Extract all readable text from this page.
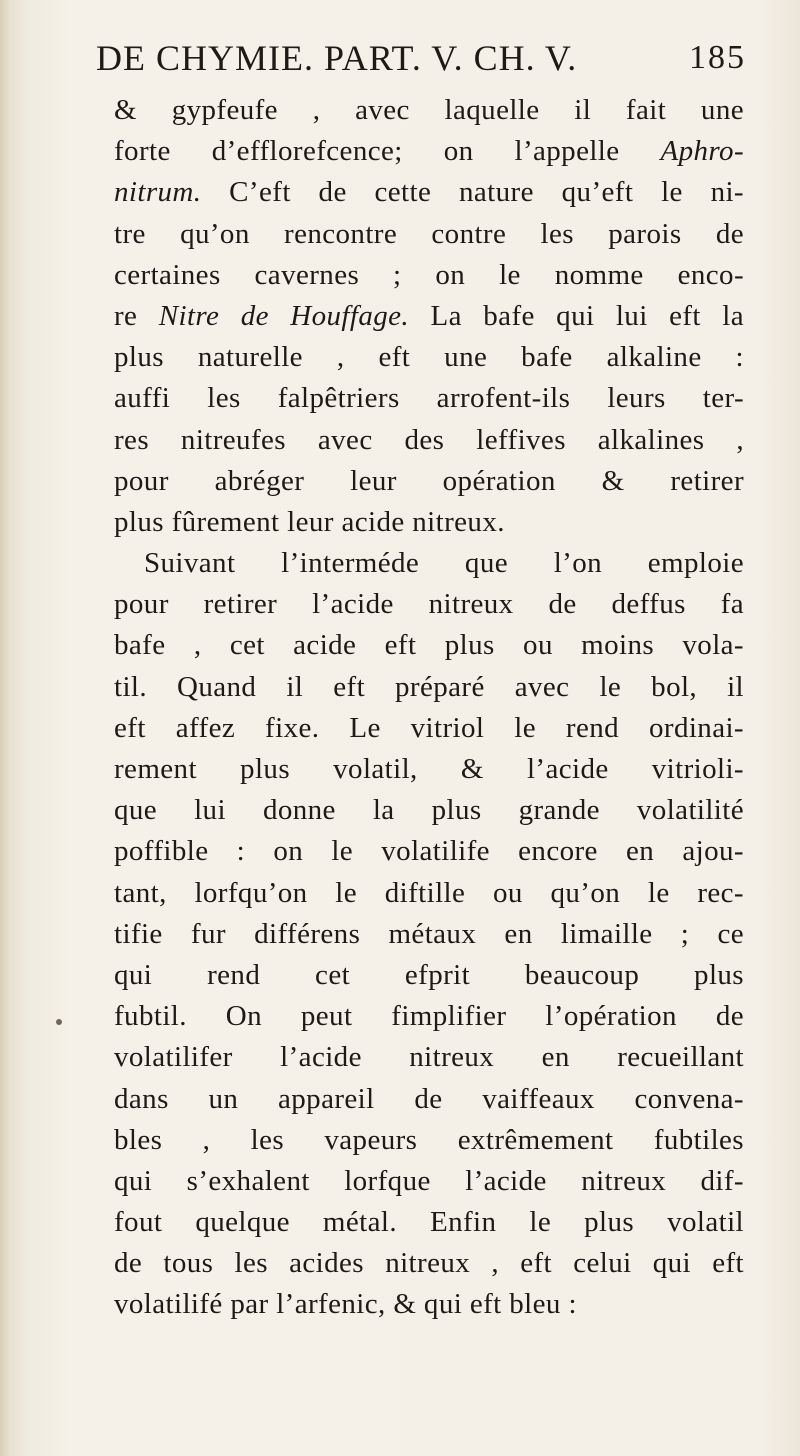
DE CHYMIE. PART. V. CH. V.	185
& gypfeufe , avec laquelle il fait une
forte d’efflorefcence; on l’appelle Aphro-
nitrum. C’eft de cette nature qu’eft le ni-
tre qu’on rencontre contre les parois de
certaines cavernes ; on le nomme enco-
re Nitre de Houffage. La bafe qui lui eft la
plus naturelle , eft une bafe alkaline :
auffi les falpêtriers arrofent-ils leurs ter-
res nitreufes avec des leffives alkalines ,
pour abréger leur opération & retirer
plus fûrement leur acide nitreux.
Suivant l’interméde que l’on emploie
pour retirer l’acide nitreux de deffus fa
bafe , cet acide eft plus ou moins vola-
til. Quand il eft préparé avec le bol, il
eft affez fixe. Le vitriol le rend ordinai-
rement plus volatil, & l’acide vitrioli-
que lui donne la plus grande volatilité
poffible : on le volatilife encore en ajou-
tant, lorfqu’on le diftille ou qu’on le rec-
tifie fur différens métaux en limaille ; ce
qui rend cet efprit beaucoup plus
fubtil. On peut fimplifier l’opération de
volatilifer l’acide nitreux en recueillant
dans un appareil de vaiffeaux convena-
bles , les vapeurs extrêmement fubtiles
qui s’exhalent lorfque l’acide nitreux dif-
fout quelque métal. Enfin le plus volatil
de tous les acides nitreux , eft celui qui eft
volatilifé par l’arfenic, & qui eft bleu :
